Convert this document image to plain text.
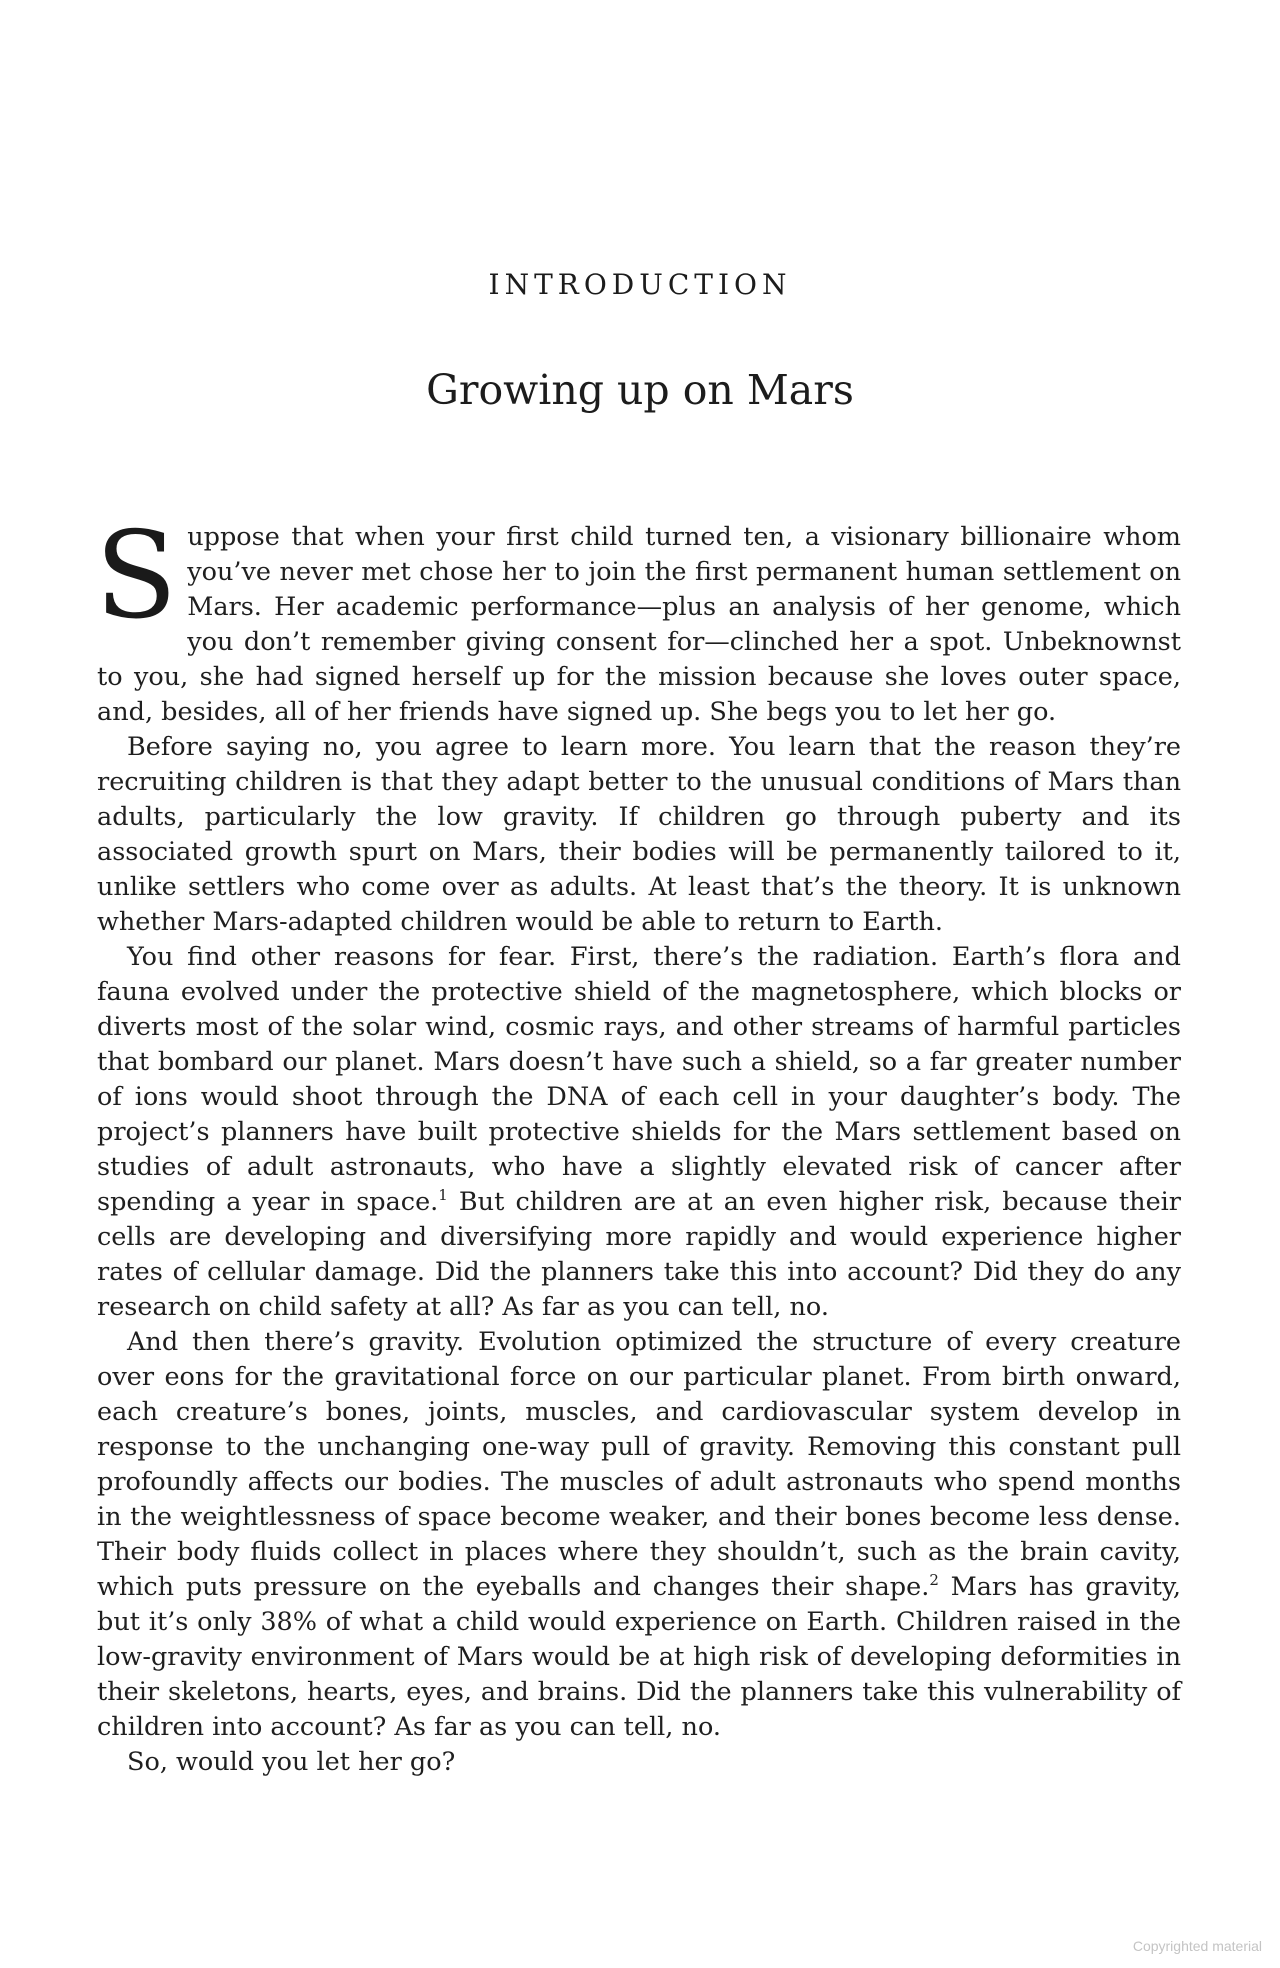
INTRODUCTION
Growing up on Mars

Suppose that when your first child turned ten, a visionary billionaire whom you’ve never met chose her to join the first permanent human settlement on Mars. Her academic performance—plus an analysis of her genome, which you don’t remember giving consent for—clinched her a spot. Unbeknownst to you, she had signed herself up for the mission because she loves outer space, and, besides, all of her friends have signed up. She begs you to let her go.

Before saying no, you agree to learn more. You learn that the reason they’re recruiting children is that they adapt better to the unusual conditions of Mars than adults, particularly the low gravity. If children go through puberty and its associated growth spurt on Mars, their bodies will be permanently tailored to it, unlike settlers who come over as adults. At least that’s the theory. It is unknown whether Mars-adapted children would be able to return to Earth.

You find other reasons for fear. First, there’s the radiation. Earth’s flora and fauna evolved under the protective shield of the magnetosphere, which blocks or diverts most of the solar wind, cosmic rays, and other streams of harmful particles that bombard our planet. Mars doesn’t have such a shield, so a far greater number of ions would shoot through the DNA of each cell in your daughter’s body. The project’s planners have built protective shields for the Mars settlement based on studies of adult astronauts, who have a slightly elevated risk of cancer after spending a year in space.$^1$ But children are at an even higher risk, because their cells are developing and diversifying more rapidly and would experience higher rates of cellular damage. Did the planners take this into account? Did they do any research on child safety at all? As far as you can tell, no.

And then there’s gravity. Evolution optimized the structure of every creature over eons for the gravitational force on our particular planet. From birth onward, each creature’s bones, joints, muscles, and cardiovascular system develop in response to the unchanging one-way pull of gravity. Removing this constant pull profoundly affects our bodies. The muscles of adult astronauts who spend months in the weightlessness of space become weaker, and their bones become less dense. Their body fluids collect in places where they shouldn’t, such as the brain cavity, which puts pressure on the eyeballs and changes their shape.$^2$ Mars has gravity, but it’s only 38% of what a child would experience on Earth. Children raised in the low-gravity environment of Mars would be at high risk of developing deformities in their skeletons, hearts, eyes, and brains. Did the planners take this vulnerability of children into account? As far as you can tell, no.

So, would you let her go?

Copyrighted material
